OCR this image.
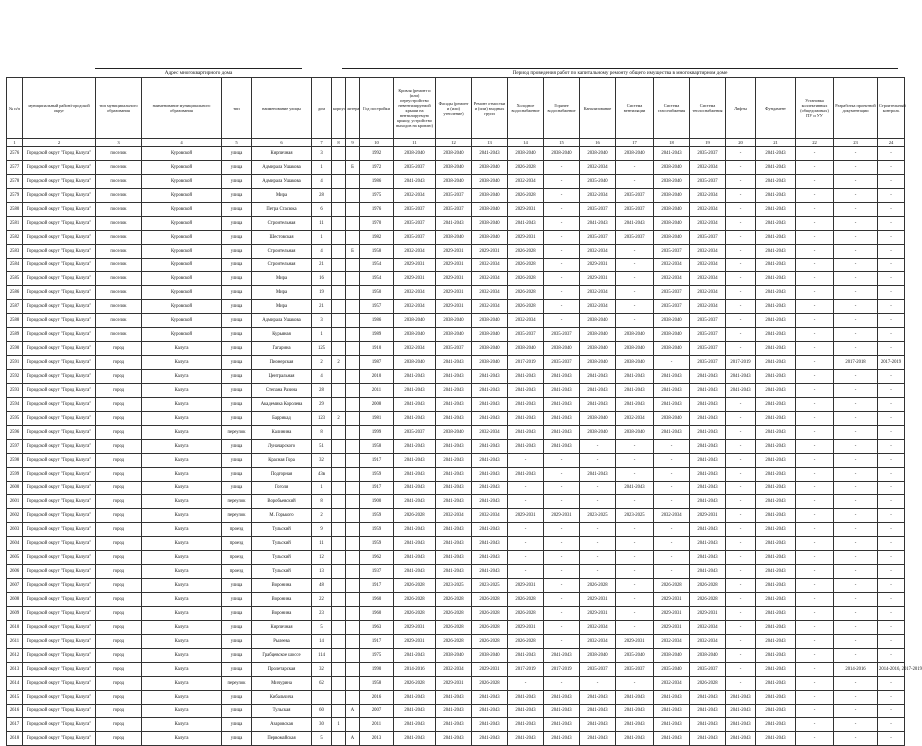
Адрес многоквартирного дома	Период проведения работ по капитальному ремонту общего имущества в многоквартирном доме
№ п/п	муниципальный район/городской округ	тип муниципального образования	наименование муниципального образования	тип	наименование улицы	дом	корпус	литера	Год постройки	Кровля (ремонт и (или) переустройство невентилируемой крыши на вентилируемую крышу, устройство выходов на кровлю)	Фасады (ремонт и (или) утепление)	Ремонт отмостки и (или) входных групп	Холодное водоснабжение	Горячее водоснабжение	Канализование	Система вентиляции	Система газоснабжения	Система теплоснабжения	Лифты	Фундамент	Установка коллективных (общедомовых) ПУ и УУ	Разработка проектной документации	Строительный контроль
1	2	3	4	5	6	7	8	9	10	11	12	13	14	15	16	17	18	19	20	21	22	23	24
2576	Городской округ "Город Калуга"	поселок	Куровской	улица	Кирпичная	3			1992	2038-2040	2038-2040	2041-2043	2038-2040	2038-2040	2038-2040	2038-2040	2041-2043	2035-2037	-	2041-2043	-	-	-
2577	Городской округ "Город Калуга"	поселок	Куровской	улица	Адмирала Ушакова	1		Б	1972	2035-2037	2038-2040	2038-2040	2026-2028	-	2032-2034	-	2038-2040	2032-2034	-	2041-2043	-	-	-
2578	Городской округ "Город Калуга"	поселок	Куровской	улица	Адмирала Ушакова	4			1986	2041-2043	2038-2040	2038-2040	2032-2034	-	2035-2040	-	2038-2040	2035-2037	-	2041-2043	-	-	-
2579	Городской округ "Город Калуга"	поселок	Куровской	улица	Мира	28			1975	2032-2034	2035-2037	2038-2040	2026-2028	-	2032-2034	2035-2037	2038-2040	2032-2034	-	2041-2043	-	-	-
2580	Городской округ "Город Калуга"	поселок	Куровской	улица	Петра Стасюка	6			1976	2035-2037	2035-2037	2038-2040	2029-2031	-	2035-2037	2035-2037	2038-2040	2032-2034	-	2041-2043	-	-	-
2581	Городской округ "Город Калуга"	поселок	Куровской	улица	Строительная	11			1970	2035-2037	2041-2043	2038-2040	2041-2043	-	2041-2043	2041-2043	2038-2040	2032-2034	-	2041-2043	-	-	-
2582	Городской округ "Город Калуга"	поселок	Куровской	улица	Шестовская	1			1982	2035-2037	2038-2040	2038-2040	2029-2031	-	2035-2037	2035-2037	2038-2040	2035-2037	-	2041-2043	-	-	-
2583	Городской округ "Город Калуга"	поселок	Куровской	улица	Строительная	4		Б	1958	2032-2034	2029-2031	2029-2031	2026-2028	-	2032-2034	-	2035-2037	2032-2034	-	2041-2043	-	-	-
2584	Городской округ "Город Калуга"	поселок	Куровской	улица	Строительная	21			1954	2029-2031	2029-2031	2032-2034	2026-2028	-	2029-2031	-	2032-2034	2032-2034	-	2041-2043	-	-	-
2585	Городской округ "Город Калуга"	поселок	Куровской	улица	Мира	16			1954	2029-2031	2029-2031	2032-2034	2026-2028	-	2029-2031	-	2032-2034	2032-2034	-	2041-2043	-	-	-
2586	Городской округ "Город Калуга"	поселок	Куровской	улица	Мира	19			1950	2032-2034	2029-2031	2032-2034	2026-2028	-	2032-2034	-	2035-2037	2032-2034	-	2041-2043	-	-	-
2587	Городской округ "Город Калуга"	поселок	Куровской	улица	Мира	21			1957	2032-2034	2029-2031	2032-2034	2026-2028	-	2032-2034	-	2035-2037	2032-2034	-	2041-2043	-	-	-
2588	Городской округ "Город Калуга"	поселок	Куровской	улица	Адмирала Ушакова	3			1986	2038-2040	2038-2040	2038-2040	2032-2034	-	2038-2040	-	2038-2040	2035-2037	-	2041-2043	-	-	-
2589	Городской округ "Город Калуга"	поселок	Куровской	улица	Курьяная	1			1989	2038-2040	2038-2040	2038-2040	2035-2037	2035-2037	2038-2040	2038-2040	2038-2040	2035-2037	-	2041-2043	-	-	-
2590	Городской округ "Город Калуга"	город	Калуга	улица	Гагарина	125			1910	2032-2034	2035-2037	2038-2040	2038-2040	2038-2040	2038-2040	2038-2040	2038-2040	2035-2037	-	2041-2043	-	-	-
2591	Городской округ "Город Калуга"	город	Калуга	улица	Пионерская	2	2		1987	2038-2040	2041-2043	2038-2040	2017-2019	2035-2037	2038-2040	2038-2040	-	2035-2037	2017-2019	2041-2043	-	2017-2018	2017-2019
2592	Городской округ "Город Калуга"	город	Калуга	улица	Центральная	4			2010	2041-2043	2041-2043	2041-2043	2041-2043	2041-2043	2041-2043	2041-2043	2041-2043	2041-2043	2041-2043	2041-2043	-	-	-
2593	Городской округ "Город Калуга"	город	Калуга	улица	Степана Разина	28			2011	2041-2043	2041-2043	2041-2043	2041-2043	2041-2043	2041-2043	2041-2043	2041-2043	2041-2043	2041-2043	2041-2043	-	-	-
2594	Городской округ "Город Калуга"	город	Калуга	улица	Академика Королева	29			2008	2041-2043	2041-2043	2041-2043	2041-2043	2041-2043	2041-2043	2041-2043	2041-2043	2041-2043	-	2041-2043	-	-	-
2595	Городской округ "Город Калуга"	город	Калуга	улица	Баррикад	123	2		1981	2041-2043	2041-2043	2041-2043	2041-2043	2041-2043	2038-2040	2032-2034	2038-2040	2041-2043	-	2041-2043	-	-	-
2596	Городской округ "Город Калуга"	город	Калуга	переулок	Калинина	8			1999	2035-2037	2038-2040	2032-2034	2041-2043	2041-2043	2038-2040	2038-2040	2041-2043	2041-2043	-	2041-2043	-	-	-
2597	Городской округ "Город Калуга"	город	Калуга	улица	Луначарского	51			1958	2041-2043	2041-2043	2041-2043	2041-2043	2041-2043	-	-	-	2041-2043	-	2041-2043	-	-	-
2598	Городской округ "Город Калуга"	город	Калуга	улица	Красная Гора	32			1917	2041-2043	2041-2043	2041-2043	-	-	-	-	-	2041-2043	-	2041-2043	-	-	-
2599	Городской округ "Город Калуга"	город	Калуга	улица	Подгорная	43в			1959	2041-2043	2041-2043	2041-2043	2041-2043	-	2041-2043	-	-	2041-2043	-	2041-2043	-	-	-
2600	Городской округ "Город Калуга"	город	Калуга	улица	Гоголя	1			1917	2041-2043	2041-2043	2041-2043	-	-	-	2041-2043	-	2041-2043	-	2041-2043	-	-	-
2601	Городской округ "Город Калуга"	город	Калуга	переулок	Воробьевский	8			1900	2041-2043	2041-2043	2041-2043	-	-	-	-	-	2041-2043	-	2041-2043	-	-	-
2602	Городской округ "Город Калуга"	город	Калуга	переулок	М. Горького	2			1959	2026-2028	2032-2034	2032-2034	2029-2031	2029-2031	2023-2025	2023-2025	2032-2034	2029-2031	-	2041-2043	-	-	-
2603	Городской округ "Город Калуга"	город	Калуга	проезд	Тульский	9			1959	2041-2043	2041-2043	2041-2043	-	-	-	-	-	2041-2043	-	2041-2043	-	-	-
2604	Городской округ "Город Калуга"	город	Калуга	проезд	Тульский	11			1959	2041-2043	2041-2043	2041-2043	-	-	-	-	-	2041-2043	-	2041-2043	-	-	-
2605	Городской округ "Город Калуга"	город	Калуга	проезд	Тульский	12			1962	2041-2043	2041-2043	2041-2043	-	-	-	-	-	2041-2043	-	2041-2043	-	-	-
2606	Городской округ "Город Калуга"	город	Калуга	проезд	Тульский	13			1937	2041-2043	2041-2043	2041-2043	-	-	-	-	-	2041-2043	-	2041-2043	-	-	-
2607	Городской округ "Город Калуга"	город	Калуга	улица	Воронина	48			1917	2026-2028	2023-2025	2023-2025	2029-2031	-	2026-2028	-	2026-2028	2026-2028	-	2041-2043	-	-	-
2608	Городской округ "Город Калуга"	город	Калуга	улица	Воронина	22			1960	2026-2028	2026-2028	2026-2028	2026-2028	-	2029-2031	-	2029-2031	2026-2028	-	2041-2043	-	-	-
2609	Городской округ "Город Калуга"	город	Калуга	улица	Воронина	23			1960	2026-2028	2026-2028	2026-2028	2026-2028	-	2029-2031	-	2029-2031	2029-2031	-	2041-2043	-	-	-
2610	Городской округ "Город Калуга"	город	Калуга	улица	Кирпичная	5			1963	2029-2031	2026-2028	2026-2028	2029-2031	-	2032-2034	-	2029-2031	2032-2034	-	2041-2043	-	-	-
2611	Городской округ "Город Калуга"	город	Калуга	улица	Рылеева	14			1917	2029-2031	2026-2028	2026-2028	2026-2028	-	2032-2034	2029-2031	2032-2034	2032-2034	-	2041-2043	-	-	-
2612	Городской округ "Город Калуга"	город	Калуга	улица	Грабцевское шоссе	114			1975	2041-2043	2038-2040	2038-2040	2041-2043	2041-2043	2038-2040	2035-2040	2038-2040	2038-2040	-	2041-2043	-	-	-
2613	Городской округ "Город Калуга"	город	Калуга	улица	Пролетарская	32			1990	2014-2016	2032-2034	2029-2031	2017-2019	2017-2019	2035-2037	2035-2037	2035-2040	2035-2037	-	2041-2043	-	2014-2016	2014-2016, 2017-2019
2614	Городской округ "Город Калуга"	город	Калуга	переулок	Мичурина	62			1958	2026-2028	2029-2031	2026-2028	-	-	-	-	2032-2034	2026-2028	-	2041-2043	-	-	-
2615	Городской округ "Город Калуга"	город	Калуга	улица	Кибальчича				2016	2041-2043	2041-2043	2041-2043	2041-2043	2041-2043	2041-2043	2041-2043	2041-2043	2041-2043	2041-2043	2041-2043	-	-	-
2616	Городской округ "Город Калуга"	город	Калуга	улица	Тульская	60		А	2007	2041-2043	2041-2043	2041-2043	2041-2043	2041-2043	2041-2043	2041-2043	2041-2043	2041-2043	2041-2043	2041-2043	-	-	-
2617	Городской округ "Город Калуга"	город	Калуга	улица	Азаровская	30	1		2011	2041-2043	2041-2043	2041-2043	2041-2043	2041-2043	2041-2043	2041-2043	2041-2043	2041-2043	2041-2043	2041-2043	-	-	-
2618	Городской округ "Город Калуга"	город	Калуга	улица	Первомайская	5		А	2013	2041-2043	2041-2043	2041-2043	2041-2043	2041-2043	2041-2043	2041-2043	2041-2043	2041-2043	2041-2043	2041-2043	-	-	-
